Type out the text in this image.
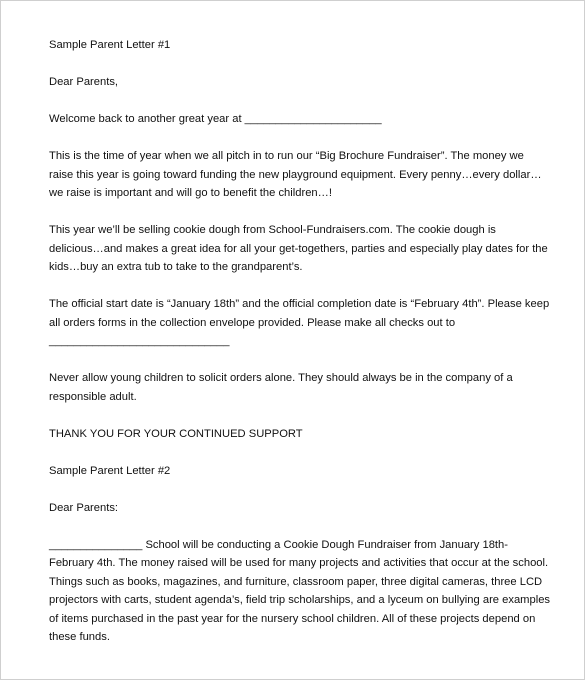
Sample Parent Letter #1

Dear Parents,

Welcome back to another great year at ______________________

This is the time of year when we all pitch in to run our “Big Brochure Fundraiser”. The money we
raise this year is going toward funding the new playground equipment. Every penny…every dollar…
we raise is important and will go to benefit the children…!

This year we’ll be selling cookie dough from School-Fundraisers.com. The cookie dough is
delicious…and makes a great idea for all your get-togethers, parties and especially play dates for the
kids…buy an extra tub to take to the grandparent’s.

The official start date is “January 18th” and the official completion date is “February 4th”. Please keep
all orders forms in the collection envelope provided. Please make all checks out to
_____________________________

Never allow young children to solicit orders alone. They should always be in the company of a
responsible adult.

THANK YOU FOR YOUR CONTINUED SUPPORT

Sample Parent Letter #2

Dear Parents:

_______________ School will be conducting a Cookie Dough Fundraiser from January 18th-
February 4th. The money raised will be used for many projects and activities that occur at the school.
Things such as books, magazines, and furniture, classroom paper, three digital cameras, three LCD
projectors with carts, student agenda’s, field trip scholarships, and a lyceum on bullying are examples
of items purchased in the past year for the nursery school children. All of these projects depend on
these funds.
